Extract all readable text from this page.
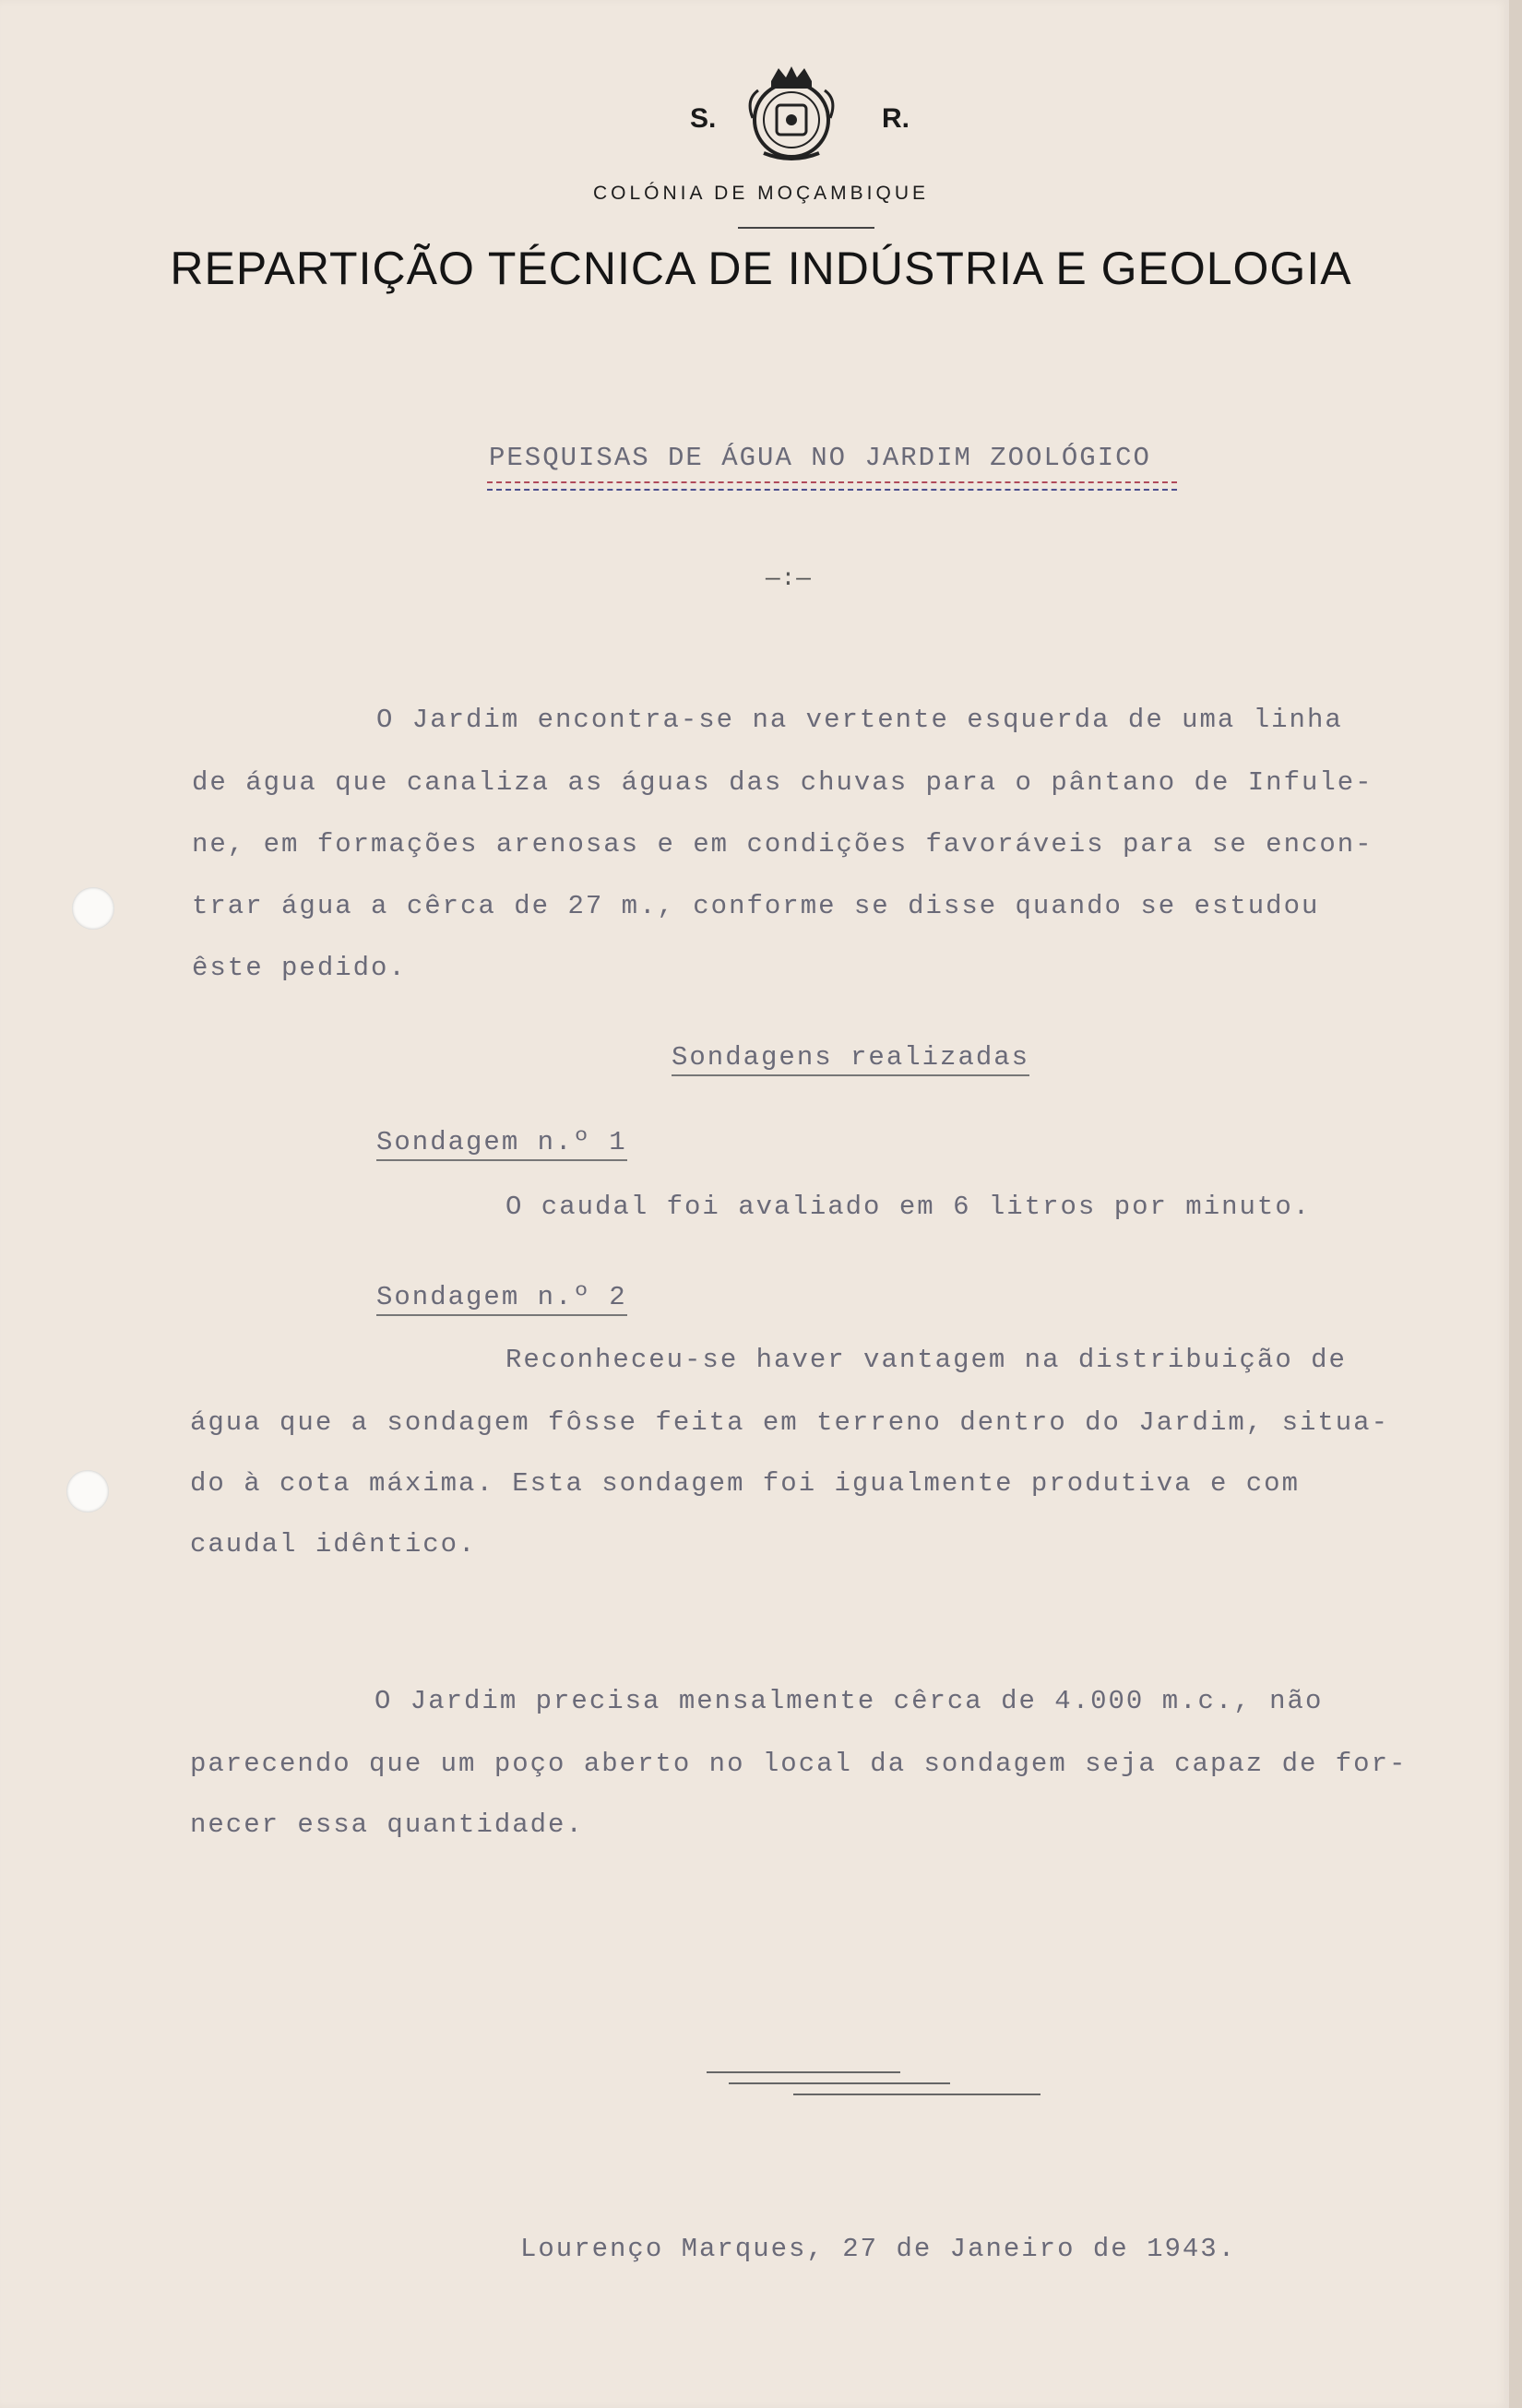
S.	R.
COLÓNIA DE MOÇAMBIQUE
REPARTIÇÃO TÉCNICA DE INDÚSTRIA E GEOLOGIA
PESQUISAS DE ÁGUA NO JARDIM ZOOLÓGICO
—:—
O Jardim encontra-se na vertente esquerda de uma linha
de água que canaliza as águas das chuvas para o pântano de Infule-
ne, em formações arenosas e em condições favoráveis para se encon-
trar água a cêrca de 27 m., conforme se disse quando se estudou
êste pedido.
Sondagens realizadas
Sondagem n.º 1
O caudal foi avaliado em 6 litros por minuto.
Sondagem n.º 2
Reconheceu-se haver vantagem na distribuição de
água que a sondagem fôsse feita em terreno dentro do Jardim, situa-
do à cota máxima. Esta sondagem foi igualmente produtiva e com
caudal idêntico.
O Jardim precisa mensalmente cêrca de 4.000 m.c., não
parecendo que um poço aberto no local da sondagem seja capaz de for-
necer essa quantidade.
Lourenço Marques, 27 de Janeiro de 1943.
